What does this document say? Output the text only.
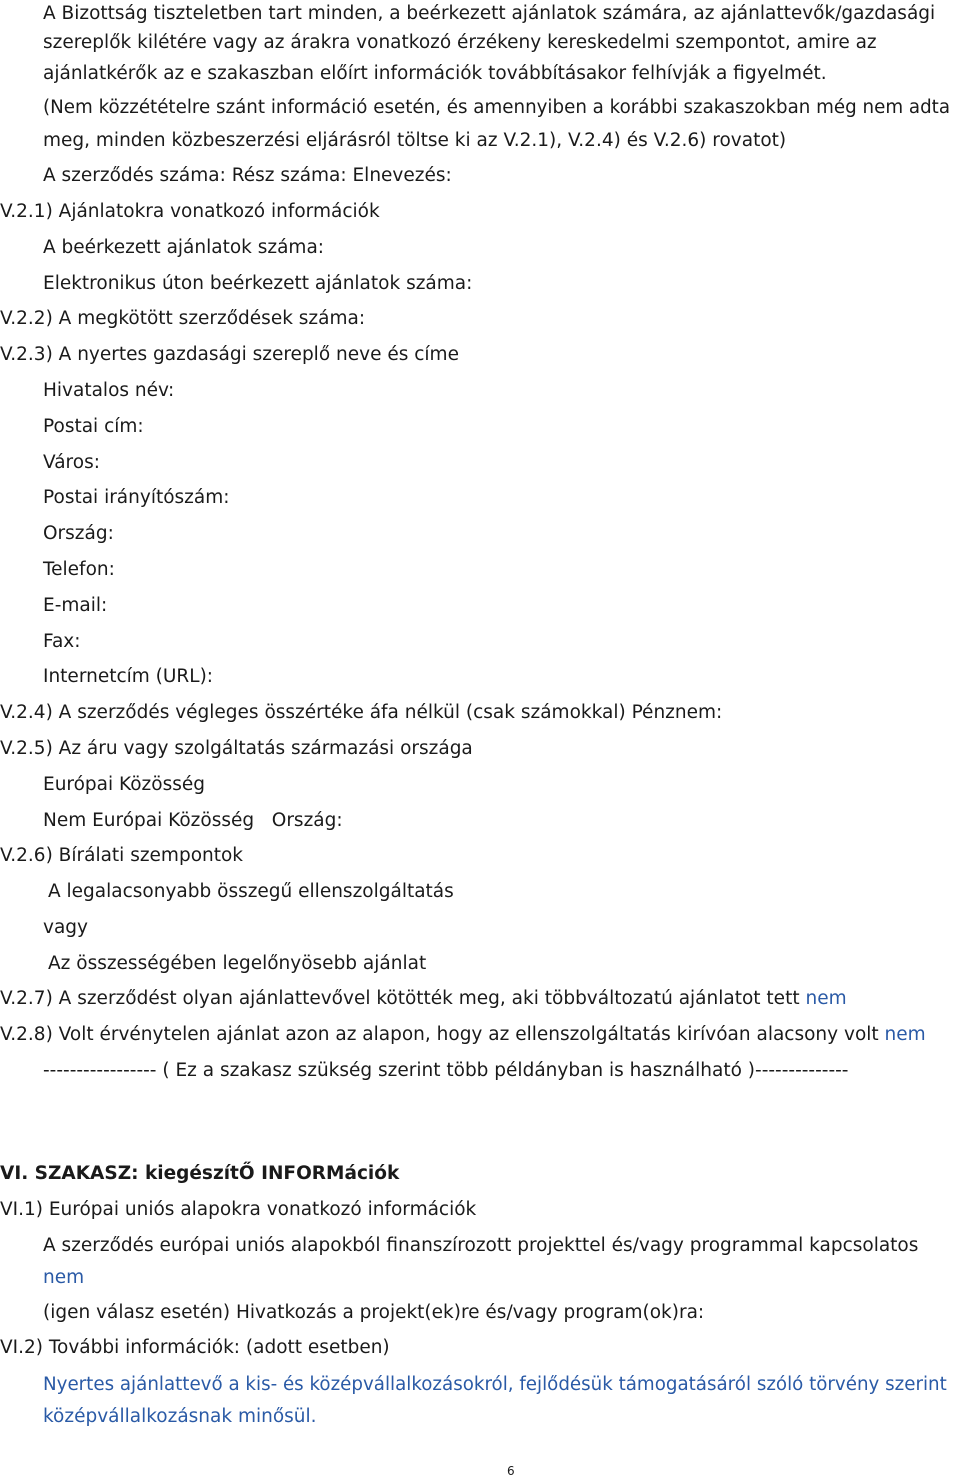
A Bizottság tiszteletben tart minden, a beérkezett ajánlatok számára, az ajánlattevők/gazdasági
szereplők kilétére vagy az árakra vonatkozó érzékeny kereskedelmi szempontot, amire az
ajánlatkérők az e szakaszban előírt információk továbbításakor felhívják a figyelmét.
(Nem közzétételre szánt információ esetén, és amennyiben a korábbi szakaszokban még nem adta
meg, minden közbeszerzési eljárásról töltse ki az V.2.1), V.2.4) és V.2.6) rovatot)
A szerződés száma: Rész száma: Elnevezés:
V.2.1) Ajánlatokra vonatkozó információk
A beérkezett ajánlatok száma:
Elektronikus úton beérkezett ajánlatok száma:
V.2.2) A megkötött szerződések száma:
V.2.3) A nyertes gazdasági szereplő neve és címe
Hivatalos név:
Postai cím:
Város:
Postai irányítószám:
Ország:
Telefon:
E-mail:
Fax:
Internetcím (URL):
V.2.4) A szerződés végleges összértéke áfa nélkül (csak számokkal) Pénznem:
V.2.5) Az áru vagy szolgáltatás származási országa
Európai Közösség
Nem Európai Közösség   Ország:
V.2.6) Bírálati szempontok
A legalacsonyabb összegű ellenszolgáltatás
vagy
Az összességében legelőnyösebb ajánlat
V.2.7) A szerződést olyan ajánlattevővel kötötték meg, aki többváltozatú ajánlatot tett nem
V.2.8) Volt érvénytelen ajánlat azon az alapon, hogy az ellenszolgáltatás kirívóan alacsony volt nem
----------------- ( Ez a szakasz szükség szerint több példányban is használható )--------------
VI. SZAKASZ: kiegészítŐ INFORMációk
VI.1) Európai uniós alapokra vonatkozó információk
A szerződés európai uniós alapokból finanszírozott projekttel és/vagy programmal kapcsolatos
nem
(igen válasz esetén) Hivatkozás a projekt(ek)re és/vagy program(ok)ra:
VI.2) További információk: (adott esetben)
Nyertes ajánlattevő a kis- és középvállalkozásokról, fejlődésük támogatásáról szóló törvény szerint
középvállalkozásnak minősül.
6
